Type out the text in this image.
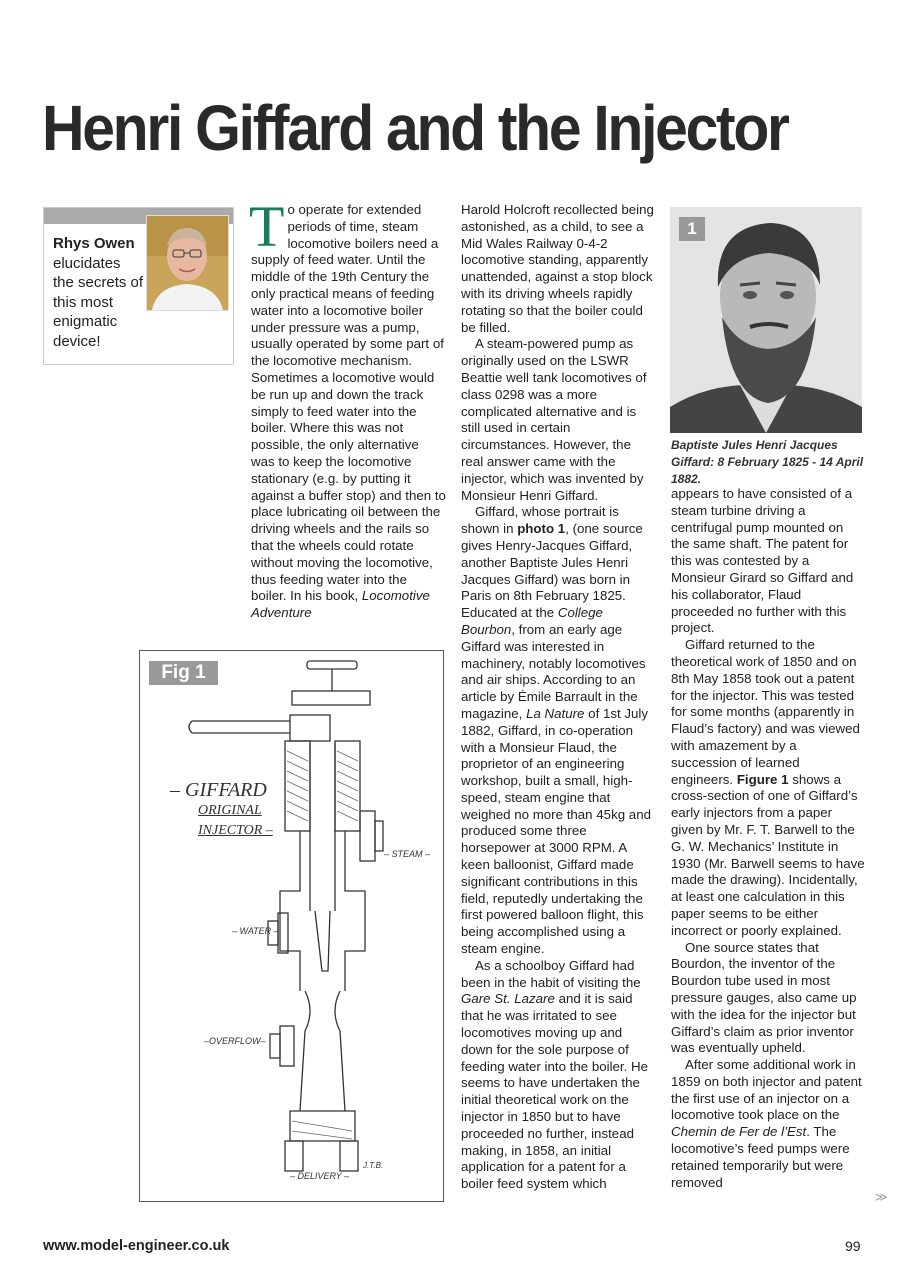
Henri Giffard and the Injector
Rhys Owen elucidates the secrets of this most enigmatic device!

To operate for extended periods of time, steam locomotive boilers need a supply of feed water. Until the middle of the 19th Century the only practical means of feeding water into a locomotive boiler under pressure was a pump, usually operated by some part of the locomotive mechanism. Sometimes a locomotive would be run up and down the track simply to feed water into the boiler. Where this was not possible, the only alternative was to keep the locomotive stationary (e.g. by putting it against a buffer stop) and then to place lubricating oil between the driving wheels and the rails so that the wheels could rotate without moving the locomotive, thus feeding water into the boiler. In his book, Locomotive Adventure

Harold Holcroft recollected being astonished, as a child, to see a Mid Wales Railway 0-4-2 locomotive standing, apparently unattended, against a stop block with its driving wheels rapidly rotating so that the boiler could be filled.

A steam-powered pump as originally used on the LSWR Beattie well tank locomotives of class 0298 was a more complicated alternative and is still used in certain circumstances. However, the real answer came with the injector, which was invented by Monsieur Henri Giffard.

Giffard, whose portrait is shown in photo 1, (one source gives Henry-Jacques Giffard, another Baptiste Jules Henri Jacques Giffard) was born in Paris on 8th February 1825. Educated at the College Bourbon, from an early age Giffard was interested in machinery, notably locomotives and air ships. According to an article by Émile Barrault in the magazine, La Nature of 1st July 1882, Giffard, in co-operation with a Monsieur Flaud, the proprietor of an engineering workshop, built a small, high-speed, steam engine that weighed no more than 45kg and produced some three horsepower at 3000 RPM. A keen balloonist, Giffard made significant contributions in this field, reputedly undertaking the first powered balloon flight, this being accomplished using a steam engine.

As a schoolboy Giffard had been in the habit of visiting the Gare St. Lazare and it is said that he was irritated to see locomotives moving up and down for the sole purpose of feeding water into the boiler. He seems to have undertaken the initial theoretical work on the injector in 1850 but to have proceeded no further, instead making, in 1858, an initial application for a patent for a boiler feed system which

1
Baptiste Jules Henri Jacques Giffard: 8 February 1825 - 14 April 1882.

appears to have consisted of a steam turbine driving a centrifugal pump mounted on the same shaft. The patent for this was contested by a Monsieur Girard so Giffard and his collaborator, Flaud proceeded no further with this project.

Giffard returned to the theoretical work of 1850 and on 8th May 1858 took out a patent for the injector. This was tested for some months (apparently in Flaud’s factory) and was viewed with amazement by a succession of learned engineers. Figure 1 shows a cross-section of one of Giffard’s early injectors from a paper given by Mr. F. T. Barwell to the G. W. Mechanics’ Institute in 1930 (Mr. Barwell seems to have made the drawing). Incidentally, at least one calculation in this paper seems to be either incorrect or poorly explained.

One source states that Bourdon, the inventor of the Bourdon tube used in most pressure gauges, also came up with the idea for the injector but Giffard’s claim as prior inventor was eventually upheld.

After some additional work in 1859 on both injector and patent the first use of an injector on a locomotive took place on the Chemin de Fer de l’Est. The locomotive’s feed pumps were retained temporarily but were removed

Fig 1
– GIFFARD
ORIGINAL
INJECTOR –
– STEAM –
– WATER –
–OVERFLOW–
– DELIVERY –
J.T.B.
≫
www.model-engineer.co.uk	99
